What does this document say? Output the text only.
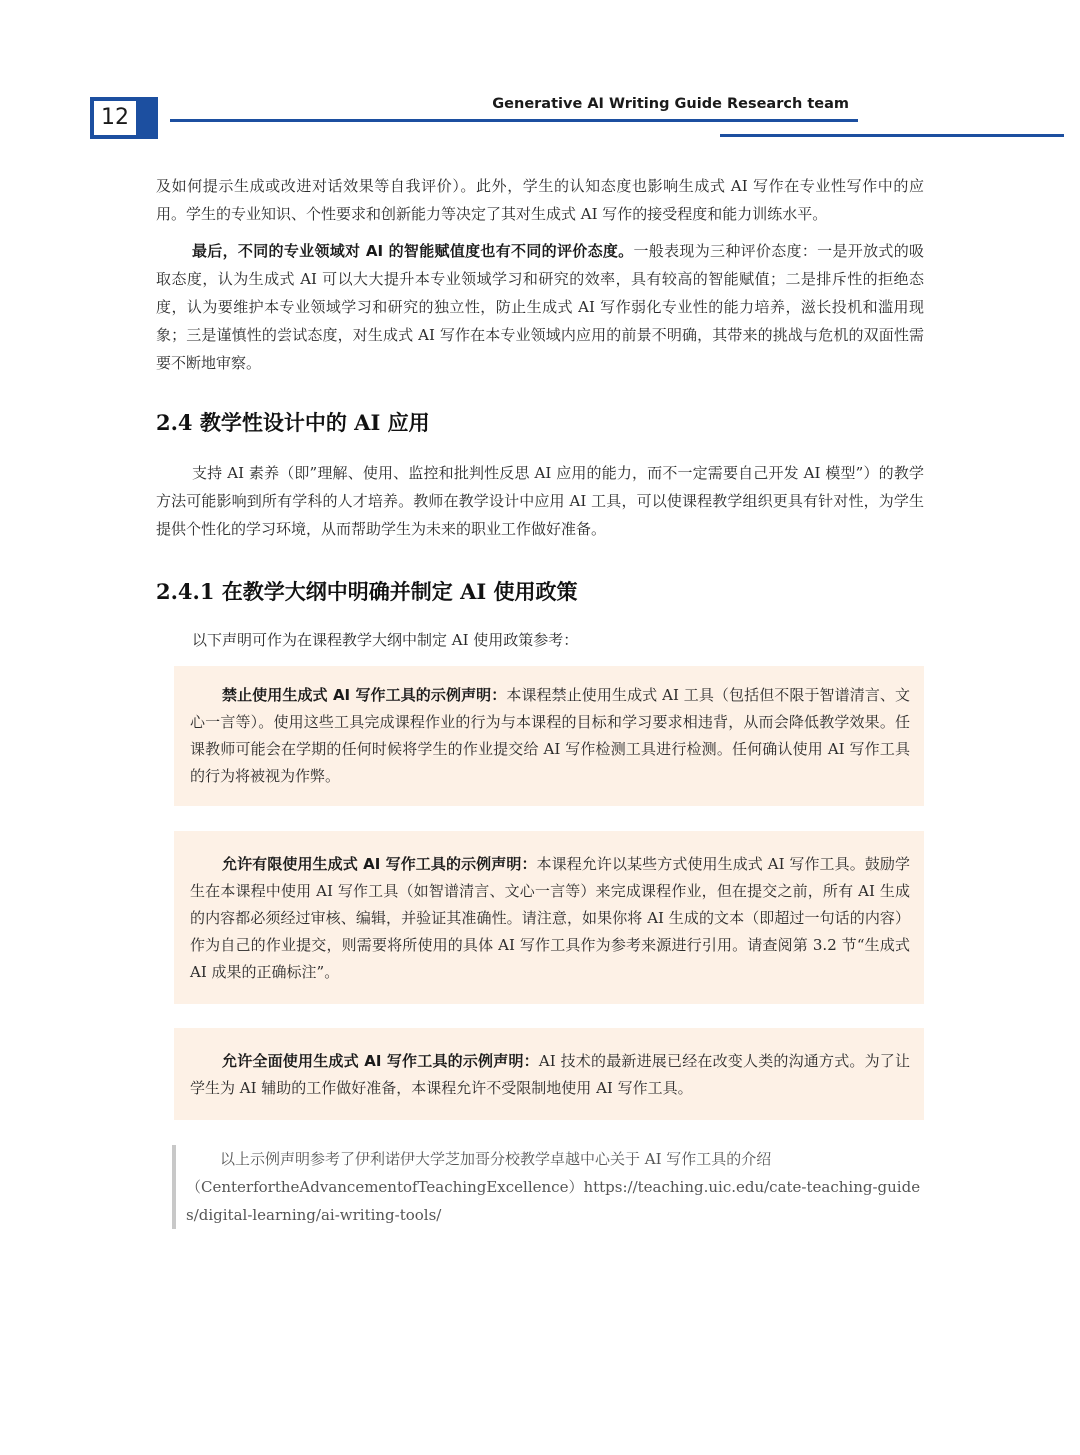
12
Generative AI Writing Guide Research team

及如何提示生成或改进对话效果等自我评价）。此外，学生的认知态度也影响生成式 AI 写作在专业性写作中的应用。学生的专业知识、个性要求和创新能力等决定了其对生成式 AI 写作的接受程度和能力训练水平。

最后，不同的专业领域对 AI 的智能赋值度也有不同的评价态度。一般表现为三种评价态度：一是开放式的吸取态度，认为生成式 AI 可以大大提升本专业领域学习和研究的效率，具有较高的智能赋值；二是排斥性的拒绝态度，认为要维护本专业领域学习和研究的独立性，防止生成式 AI 写作弱化专业性的能力培养，滋长投机和滥用现象；三是谨慎性的尝试态度，对生成式 AI 写作在本专业领域内应用的前景不明确，其带来的挑战与危机的双面性需要不断地审察。

2.4 教学性设计中的 AI 应用

支持 AI 素养（即”理解、使用、监控和批判性反思 AI 应用的能力，而不一定需要自己开发 AI 模型”）的教学方法可能影响到所有学科的人才培养。教师在教学设计中应用 AI 工具，可以使课程教学组织更具有针对性，为学生提供个性化的学习环境，从而帮助学生为未来的职业工作做好准备。

2.4.1 在教学大纲中明确并制定 AI 使用政策

以下声明可作为在课程教学大纲中制定 AI 使用政策参考：

禁止使用生成式 AI 写作工具的示例声明：本课程禁止使用生成式 AI 工具（包括但不限于智谱清言、文心一言等）。使用这些工具完成课程作业的行为与本课程的目标和学习要求相违背，从而会降低教学效果。任课教师可能会在学期的任何时候将学生的作业提交给 AI 写作检测工具进行检测。任何确认使用 AI 写作工具的行为将被视为作弊。

允许有限使用生成式 AI 写作工具的示例声明：本课程允许以某些方式使用生成式 AI 写作工具。鼓励学生在本课程中使用 AI 写作工具（如智谱清言、文心一言等）来完成课程作业，但在提交之前，所有 AI 生成的内容都必须经过审核、编辑，并验证其准确性。请注意，如果你将 AI 生成的文本（即超过一句话的内容）作为自己的作业提交，则需要将所使用的具体 AI 写作工具作为参考来源进行引用。请查阅第 3.2 节“生成式 AI 成果的正确标注”。

允许全面使用生成式 AI 写作工具的示例声明：AI 技术的最新进展已经在改变人类的沟通方式。为了让学生为 AI 辅助的工作做好准备，本课程允许不受限制地使用 AI 写作工具。

以上示例声明参考了伊利诺伊大学芝加哥分校教学卓越中心关于 AI 写作工具的介绍

（CenterfortheAdvancementofTeachingExcellence）https://teaching.uic.edu/cate-teaching-guides/digital-learning/ai-writing-tools/
